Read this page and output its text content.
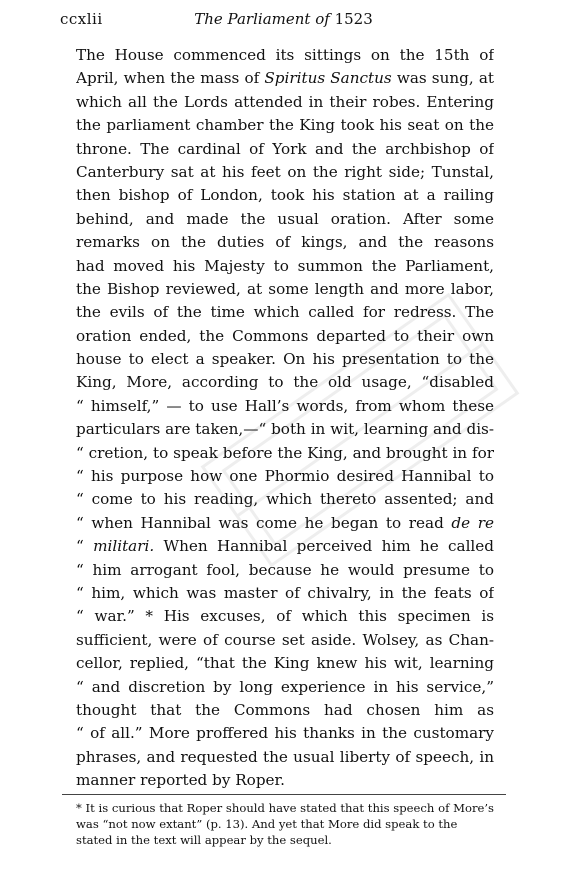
ccxlii	The Parliament of 1523
The House commenced its sittings on the 15th of
April, when the mass of Spiritus Sanctus was sung, at
which all the Lords attended in their robes. Entering
the parliament chamber the King took his seat on the
throne. The cardinal of York and the archbishop of
Canterbury sat at his feet on the right side; Tunstal,
then bishop of London, took his station at a railing
behind, and made the usual oration. After some
remarks on the duties of kings, and the reasons
had moved his Majesty to summon the Parliament,
the Bishop reviewed, at some length and more labor,
the evils of the time which called for redress. The
oration ended, the Commons departed to their own
house to elect a speaker. On his presentation to the
King, More, according to the old usage, “disabled
“ himself,” — to use Hall’s words, from whom these
particulars are taken,—“ both in wit, learning and dis-
“ cretion, to speak before the King, and brought in for
“ his purpose how one Phormio desired Hannibal to
“ come to his reading, which thereto assented; and
“ when Hannibal was come he began to read de re
“ militari. When Hannibal perceived him he called
“ him arrogant fool, because he would presume to
“ him, which was master of chivalry, in the feats of
“ war.” * His excuses, of which this specimen is
sufficient, were of course set aside. Wolsey, as Chan-
cellor, replied, “that the King knew his wit, learning
“ and discretion by long experience in his service,”
thought that the Commons had chosen him as
“ of all.” More proffered his thanks in the customary
phrases, and requested the usual liberty of speech, in
manner reported by Roper.
* It is curious that Roper should have stated that this speech of More’s
was “not now extant” (p. 13). And yet that More did speak to the
stated in the text will appear by the sequel.
